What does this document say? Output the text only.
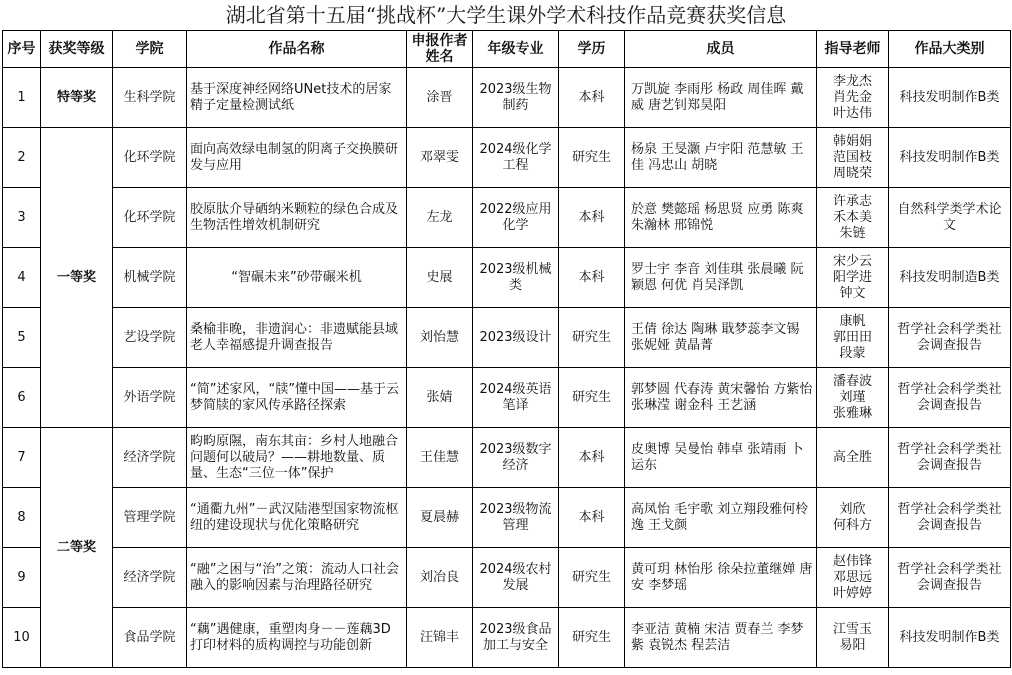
湖北省第十五届“挑战杯”大学生课外学术科技作品竞赛获奖信息
序号	获奖等级	学院	作品名称	申报作者姓名	年级专业	学历	成员	指导老师	作品大类别
1	特等奖	生科学院	基于深度神经网络UNet技术的居家精子定量检测试纸	涂晋	2023级生物制药	本科	万凯旋 李雨彤 杨政 周佳晖 戴威 唐艺钊郑昊阳	李龙杰
肖先金
叶达伟	科技发明制作B类
2	一等奖	化环学院	面向高效绿电制氢的阴离子交换膜研发与应用	邓翠雯	2024级化学工程	研究生	杨泉 王旻灏 卢宇阳 范慧敏 王佳 冯忠山 胡晓	韩娟娟
范国枝
周晓荣	科技发明制作B类
3		化环学院	胶原肽介导硒纳米颗粒的绿色合成及生物活性增效机制研究	左龙	2022级应用化学	本科	於意 樊懿瑶 杨思贤 应勇 陈爽 朱瀚林 邢锦悦	许承志
禾本美
朱链	自然科学类学术论文
4		机械学院	“智碾未来”砂带碾米机	史展	2023级机械类	本科	罗士宇 李音 刘佳琪 张晨曦 阮颖恩 何优 肖吴泽凯	宋少云
阳学进
钟文	科技发明制造B类
5		艺设学院	桑榆非晚，非遗润心：非遗赋能县域老人幸福感提升调查报告	刘怡慧	2023级设计	研究生	王倩 徐达 陶琳 戢梦蕊李文锡 张妮娅 黄晶菁	康帆
郭田田
段蒙	哲学社会科学类社会调查报告
6		外语学院	“简”述家风，“牍”懂中国——基于云梦简牍的家风传承路径探索	张婧	2024级英语笔译	研究生	郭梦圆 代春涛 黄宋馨怡 方紫怡 张琳滢 谢金科 王艺涵	潘春波
刘瑾
张雅琳	哲学社会科学类社会调查报告
7	二等奖	经济学院	畇畇原隰，南东其亩：乡村人地融合问题何以破局？——耕地数量、质量、生态“三位一体”保护	王佳慧	2023级数字经济	本科	皮奥博 吴曼怡 韩卓 张靖雨 卜运东	高全胜	哲学社会科学类社会调查报告
8		管理学院	“通衢九州”－武汉陆港型国家物流枢纽的建设现状与优化策略研究	夏晨赫	2023级物流管理	本科	高凤怡 毛宇歌 刘立翔段雅何柃逸 王戈颜	刘欣
何科方	哲学社会科学类社会调查报告
9		经济学院	“融”之困与“治”之策：流动人口社会融入的影响因素与治理路径研究	刘冶良	2024级农村发展	研究生	黄可玥 林怡彤 徐朵拉董继婵 唐安 李梦瑶	赵伟锋
邓思远
叶婷婷	哲学社会科学类社会调查报告
10		食品学院	“藕”遇健康，重塑肉身－－莲藕3D打印材料的质构调控与功能创新	汪锦丰	2023级食品加工与安全	研究生	李亚洁 黄楠 宋洁 贾春兰 李梦紫 袁锐杰 程芸洁	江雪玉
易阳	科技发明制作B类
